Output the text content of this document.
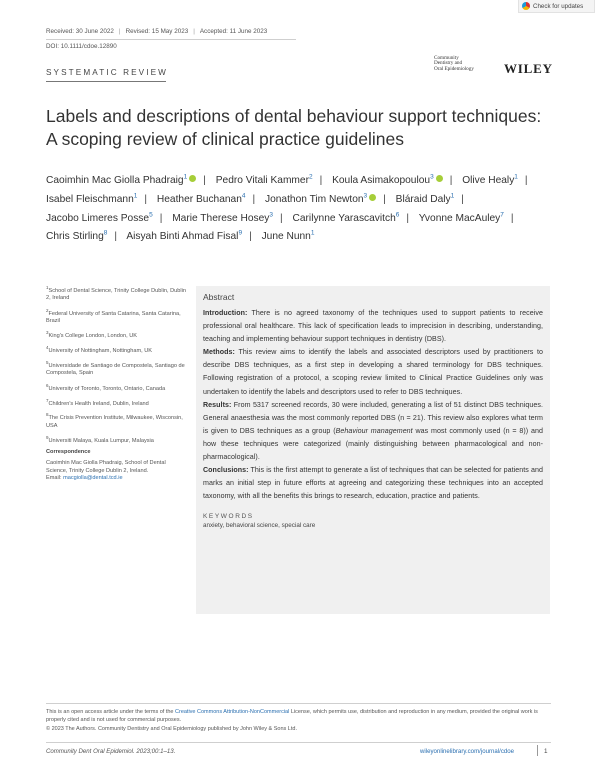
Check for updates
Received: 30 June 2022 | Revised: 15 May 2023 | Accepted: 11 June 2023
DOI: 10.1111/cdoe.12890
Community
Dentistry and
Oral Epidemiology	WILEY
SYSTEMATIC REVIEW
Labels and descriptions of dental behaviour support techniques: A scoping review of clinical practice guidelines
Caoimhin Mac Giolla Phadraig$^1$ | Pedro Vitali Kammer$^2$ | Koula Asimakopoulou$^3$ | Olive Healy$^1$ | Isabel Fleischmann$^1$ | Heather Buchanan$^4$ | Jonathon Tim Newton$^3$ | Bláraid Daly$^1$ | Jacobo Limeres Posse$^5$ | Marie Therese Hosey$^3$ | Carilynne Yarascavitch$^6$ | Yvonne MacAuley$^7$ | Chris Stirling$^8$ | Aisyah Binti Ahmad Fisal$^9$ | June Nunn$^1$
$^1$School of Dental Science, Trinity College Dublin, Dublin 2, Ireland
$^2$Federal University of Santa Catarina, Santa Catarina, Brazil
$^3$King's College London, London, UK
$^4$University of Nottingham, Nottingham, UK
$^5$Universidade de Santiago de Compostela, Santiago de Compostela, Spain
$^6$University of Toronto, Toronto, Ontario, Canada
$^7$Children's Health Ireland, Dublin, Ireland
$^8$The Crisis Prevention Institute, Milwaukee, Wisconsin, USA
$^9$Universiti Malaya, Kuala Lumpur, Malaysia
Correspondence
Caoimhin Mac Giolla Phadraig, School of Dental Science, Trinity College Dublin 2, Ireland.
Email: macgiolla@dental.tcd.ie
Abstract

Introduction: There is no agreed taxonomy of the techniques used to support patients to receive professional oral healthcare. This lack of specification leads to imprecision in describing, understanding, teaching and implementing behaviour support techniques in dentistry (DBS).

Methods: This review aims to identify the labels and associated descriptors used by practitioners to describe DBS techniques, as a first step in developing a shared terminology for DBS techniques. Following registration of a protocol, a scoping review limited to Clinical Practice Guidelines only was undertaken to identify the labels and descriptors used to refer to DBS techniques.

Results: From 5317 screened records, 30 were included, generating a list of 51 distinct DBS techniques. General anaesthesia was the most commonly reported DBS (n = 21). This review also explores what term is given to DBS techniques as a group (Behaviour management was most commonly used (n = 8)) and how these techniques were categorized (mainly distinguishing between pharmacological and non-pharmacological).

Conclusions: This is the first attempt to generate a list of techniques that can be selected for patients and marks an initial step in future efforts at agreeing and categorizing these techniques into an accepted taxonomy, with all the benefits this brings to research, education, practice and patients.

KEYWORDS
anxiety, behavioral science, special care
This is an open access article under the terms of the Creative Commons Attribution-NonCommercial License, which permits use, distribution and reproduction in any medium, provided the original work is properly cited and is not used for commercial purposes.
© 2023 The Authors. Community Dentistry and Oral Epidemiology published by John Wiley & Sons Ltd.
Community Dent Oral Epidemiol. 2023;00:1–13.	wileyonlinelibrary.com/journal/cdoe	1
